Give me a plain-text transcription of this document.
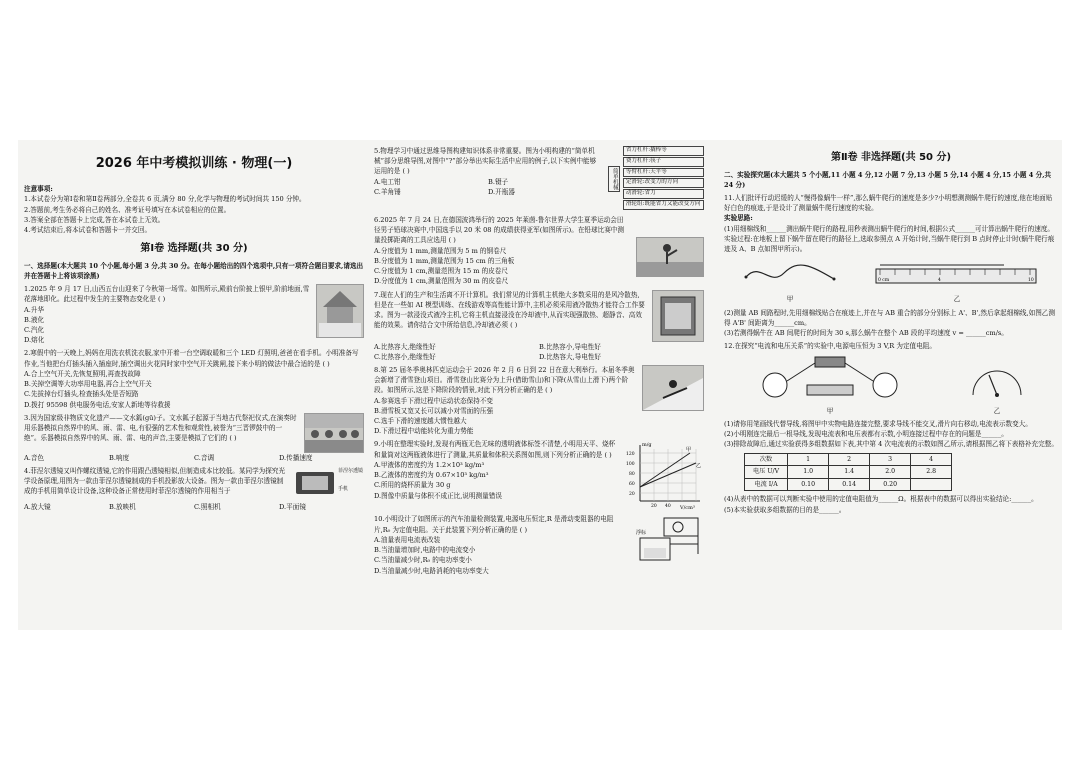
2026 年中考模拟训练 · 物理(一)

注意事项:

1.本试卷分为第Ⅰ卷和第Ⅱ卷两部分,全卷共 6 页,满分 80 分,化学与物理的考试时间共 150 分钟。

2.答题前,考生务必将自己的姓名、准考证号填写在本试卷相应的位置。

3.答案全部在答题卡上完成,答在本试卷上无效。

4.考试结束后,将本试卷和答题卡一并交回。

第Ⅰ卷 选择题(共 30 分)

一、选择题(本大题共 10 个小题,每小题 3 分,共 30 分。在每小题给出的四个选项中,只有一项符合题目要求,请选出并在答题卡上将该项涂黑)

1.2025 年 9 月 17 日,山西五台山迎来了今秋第一场雪。如图所示,殿前台阶披上银甲,阶前地面,雪花落地即化。此过程中发生的主要物态变化是 ( )

A.升华

B.液化

C.汽化

D.熔化

2.寒假中的一天晚上,妈妈在用洗衣机洗衣服,家中开着一台空调取暖和三个 LED 灯照明,爸爸在看手机。小明准备写作业,当他把台灯插头插入插座时,插空调出火花同时家中空气开关跳闸,接下来小明的做法中最合适的是 ( )

A.合上空气开关,先恢复照明,再查找故障

B.关掉空调等大功率用电器,再合上空气开关

C.先拔掉台灯插头,检查插头处是否短路

D.拨打 95598 供电服务电话,安家人新地等待救援

3.因为国家级非物质文化遗产——文水鈲(gū)子。文水鈲子起源于当地古代祭祀仪式,在演奏时用乐器模拟自然界中的风、雨、雷、电,有很强的艺术性和观赏性,被誉为“三晋锣鼓中的一绝”。乐器模拟自然界中的风、雨、雷、电的声音,主要是模拟了它们的 ( )

A.音色	B.响度	C.音调	D.传播速度

4.菲涅尔透镜又叫作螺纹透镜,它的作用跟凸透镜相似,但制造成本比较低。某同学为探究光学设备原理,用图为一款由菲涅尔透镜制成的手机投影放大设备。图为一款由菲涅尔透镜制成的手机用简单设计设备,这种设备正常使用时菲涅尔透镜的作用相当于

菲涅尔透镜
手机
A.放大镜	B.放映机	C.照相机	D.平面镜

5.物理学习中通过思维导图构建知识体系非常重要。图为小明构建的“简单机械”部分思维导图,对图中“?”部分举出实际生活中应用的例子,以下实例中能够运用的是 ( )

A.电工钳	B.镊子
C.羊角锤	D.开瓶器
简单机械
省力杠杆:撬棒等
费力杠杆:筷子
等臂杠杆:天平等
定滑轮:改变力的方向
动滑轮:省力
滑轮组:既能省力又能改变方向

6.2025 年 7 月 24 日,在德国波鸿举行的 2025 年莱茵-鲁尔世界大学生夏季运动会田径男子铅球决赛中,中国选手以 20 米 08 的成绩获得亚军(如图所示)。在铅球比赛中测量投掷距离的工具应选用 ( )

A.分度值为 1 mm,测量范围为 5 m 的钢卷尺

B.分度值为 1 mm,测量范围为 15 cm 的三角板

C.分度值为 1 cm,测量范围为 15 m 的皮卷尺

D.分度值为 1 cm,测量范围为 30 m 的皮卷尺

7.现在人们的生产和生活离不开计算机。我们常见的计算机主机绝大多数采用的是风冷散热,但是在一些如 AI 模型训练、在线游戏等高性能计算中,主机必须采用液冷散热才能符合工作要求。图为一款浸没式液冷主机,它将主机直接浸没在冷却液中,从而实现强散热、超静音、高效能的效果。请你结合文中所给信息,冷却液必须 ( )

A.比热容大,绝缘性好	B.比热容小,导电性好
C.比热容小,绝缘性好	D.比热容大,导电性好

8.第 25 届冬季奥林匹克运动会于 2026 年 2 月 6 日到 22 日在意大利举行。本届冬季奥会新增了滑雪登山项目。滑雪登山比赛分为上升(借助雪山)和下降(从雪山上滑下)两个阶段。如图所示,这是下降阶段的情景,对此下列分析正确的是 ( )

A.参赛选手下滑过程中运动状态保持不变

B.滑雪板又宽又长可以减小对雪面的压强

C.选手下滑的速度越大惯性越大

D.下滑过程中动能转化为重力势能

9.小明在整理实验时,发现有两瓶无色无味的透明液体标签不清楚,小明用天平、烧杯和量筒对这两瓶液体进行了测量,其质量和体积关系图如图,则下列分析正确的是 ( )

A.甲液体的密度约为 1.2×10³ kg/m³

B.乙液体的密度约为 0.67×10³ kg/m³

C.所用的烧杯质量为 30 g

D.图像中质量与体积不成正比,说明测量错误

甲
乙
m/g
V/cm³
120
100
80
60
20
20 40

10.小明设计了如图所示的汽车油量检测装置,电源电压恒定,R 是滑动变阻器的电阻片,R₀ 为定值电阻。关于此装置下列分析正确的是 ( )

A.油量表用电流表改装

B.当油量增加时,电路中的电流变小

C.当油量减少时,R₀ 的电功率变小

D.当油量减少时,电路消耗的电功率变大

浮标
第Ⅱ卷 非选择题(共 50 分)

二、实验探究题(本大题共 5 个小题,11 小题 4 分,12 小题 7 分,13 小题 5 分,14 小题 4 分,15 小题 4 分,共 24 分)

11.人们批评行动迟缓的人“慢得像蜗牛一样”,那么蜗牛爬行的速度是多少?小明想测测蜗牛爬行的速度,他在地面贴好白色的痕迹,于是设计了测量蜗牛爬行速度的实验。

实验思路:

(1)用细棉线和______测出蜗牛爬行的路程,用秒表测出蜗牛爬行的时间,根据公式______可计算出蜗牛爬行的速度。

实验过程:在地板上留下蜗牛留在爬行的路径上,选取参照点 A 开始计时,当蜗牛爬行到 B 点时停止计时(蜗牛爬行痕迹及 A、B 点如图甲所示)。

甲
0 cm	4	10
乙

(2)测量 AB 间路程时,先用细棉线贴合在痕迹上,并在与 AB 重合的部分分别标上 A'、B',然后拿起细棉线,如图乙测得 A'B' 间距离为______cm。

(3)若测得蜗牛在 AB 间爬行的时间为 30 s,那么蜗牛在整个 AB 段的平均速度 v = ______cm/s。

12.在探究“电流和电压关系”的实验中,电源电压恒为 3 V,R 为定值电阻。

甲	乙

(1)请你用笔画线代替导线,将图甲中实物电路连接完整,要求导线不能交叉,滑片向右移动,电流表示数变大。

(2)小明刚连完最后一根导线,发现电流表和电压表都有示数,小明连接过程中存在的问题是______。

(3)排除故障后,通过实验获得多组数据如下表,其中第 4 次电流表的示数如图乙所示,请根据图乙将下表格补充完整。

次数	1	2	3	4
电压 U/V	1.0	1.4	2.0	2.8
电流 I/A	0.10	0.14	0.20	

(4)从表中的数据可以判断实验中使用的定值电阻值为______Ω。根据表中的数据可以得出实验结论:______。

(5)本实验获取多组数据的目的是______。
